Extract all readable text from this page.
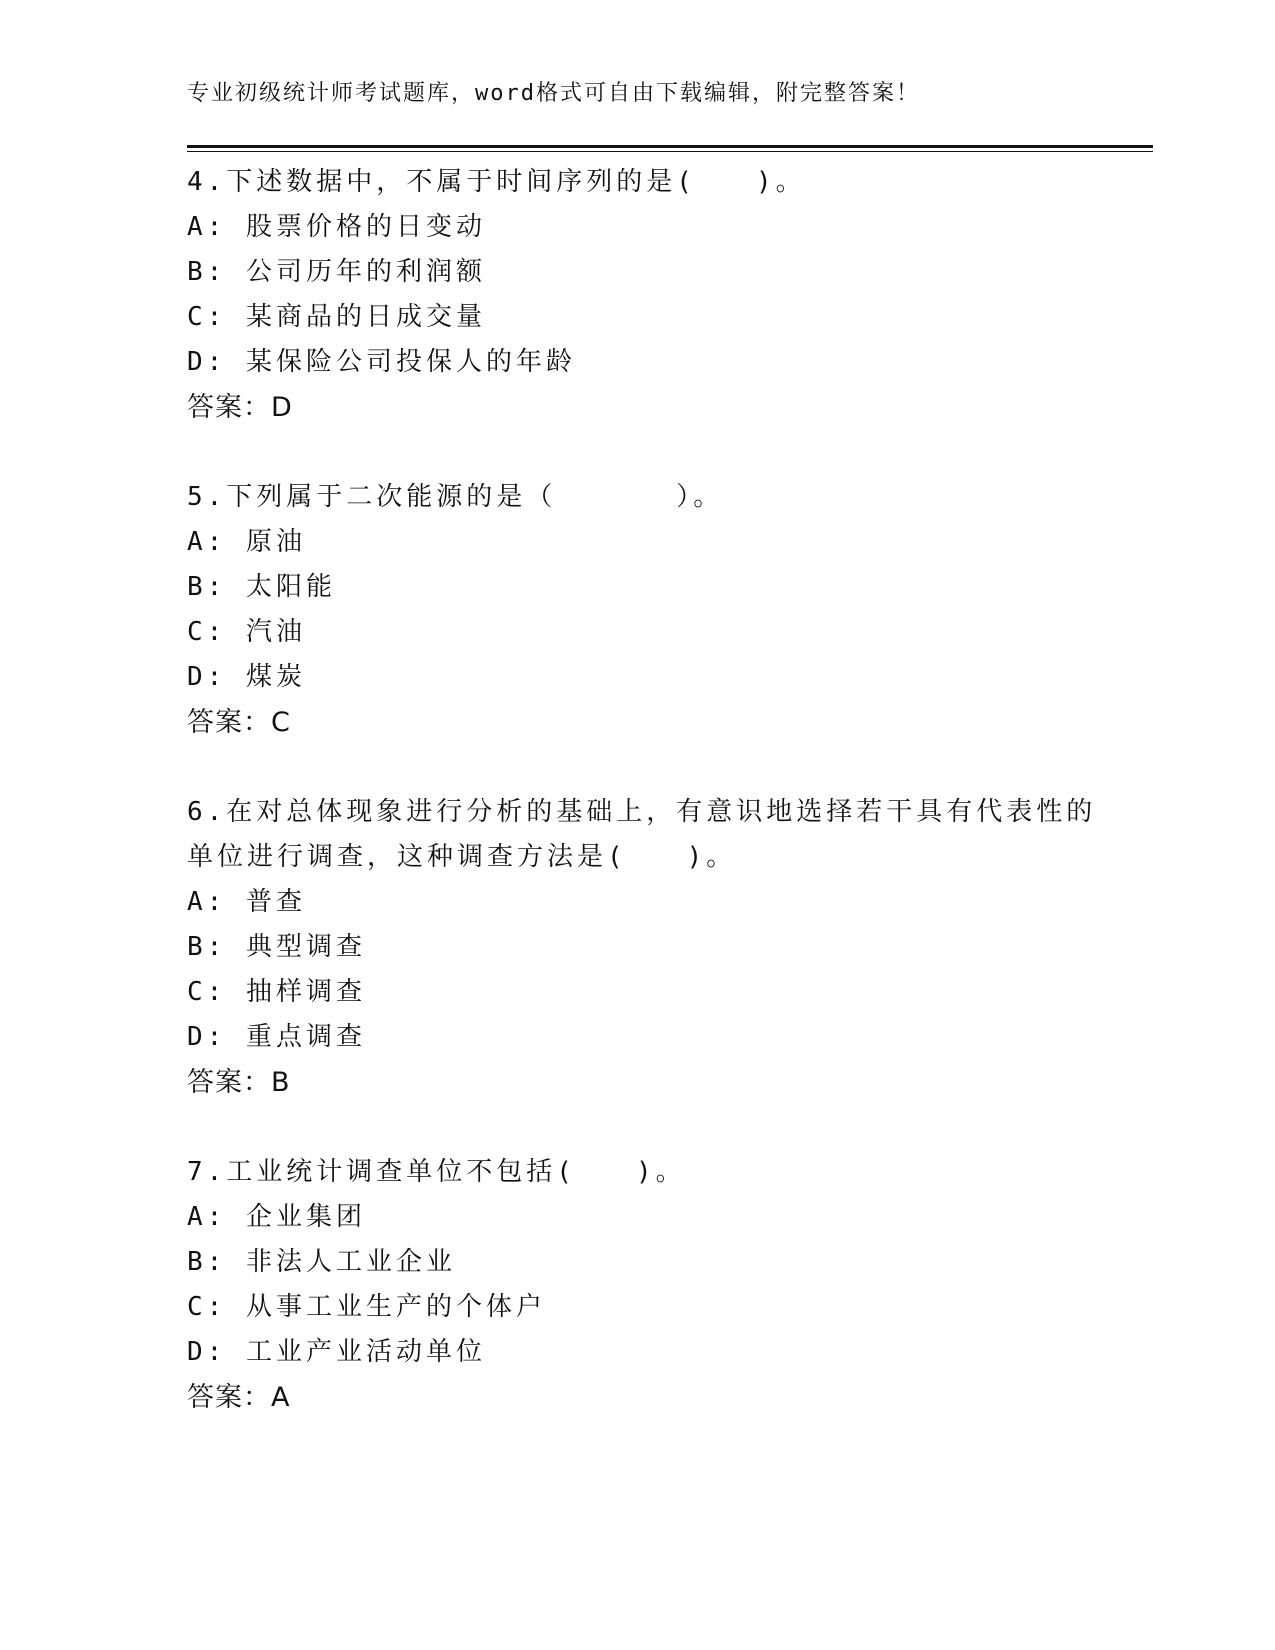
专业初级统计师考试题库，word格式可自由下载编辑，附完整答案！
4.下述数据中，不属于时间序列的是(　　)。
A: 股票价格的日变动
B: 公司历年的利润额
C: 某商品的日成交量
D: 某保险公司投保人的年龄
答案：D
5.下列属于二次能源的是（　　　　）。
A: 原油
B: 太阳能
C: 汽油
D: 煤炭
答案：C
6.在对总体现象进行分析的基础上，有意识地选择若干具有代表性的
单位进行调查，这种调查方法是(　　)。
A: 普查
B: 典型调查
C: 抽样调查
D: 重点调查
答案：B
7.工业统计调查单位不包括(　　)。
A: 企业集团
B: 非法人工业企业
C: 从事工业生产的个体户
D: 工业产业活动单位
答案：A
